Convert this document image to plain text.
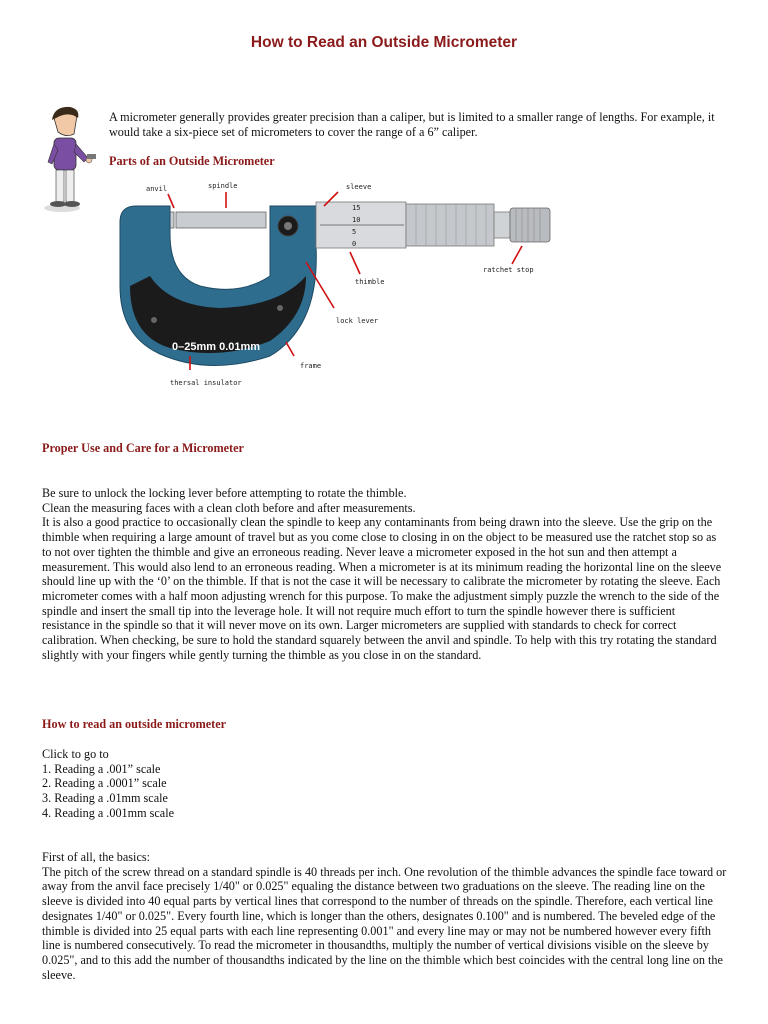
How to Read an Outside Micrometer
A micrometer generally provides greater precision than a caliper, but is limited to a smaller range of lengths. For example, it would take a six-piece set of micrometers to cover the range of a 6” caliper.
Parts of an Outside Micrometer
0–25mm 0.01mm
15
10
5
0
anvil	spindle	sleeve
ratchet stop
thimble
lock lever
frame
thersal insulator
Proper Use and Care for a Micrometer

Be sure to unlock the locking lever before attempting to rotate the thimble.

Clean the measuring faces with a clean cloth before and after measurements.

It is also a good practice to occasionally clean the spindle to keep any contaminants from being drawn into the sleeve. Use the grip on the thimble when requiring a large amount of travel but as you come close to closing in on the object to be measured use the ratchet stop so as to not over tighten the thimble and give an erroneous reading. Never leave a micrometer exposed in the hot sun and then attempt a measurement. This would also lend to an erroneous reading. When a micrometer is at its minimum reading the horizontal line on the sleeve should line up with the ‘0’ on the thimble. If that is not the case it will be necessary to calibrate the micrometer by rotating the sleeve. Each micrometer comes with a half moon adjusting wrench for this purpose. To make the adjustment simply puzzle the wrench to the side of the spindle and insert the small tip into the leverage hole. It will not require much effort to turn the spindle however there is sufficient resistance in the spindle so that it will never move on its own. Larger micrometers are supplied with standards to check for correct calibration. When checking, be sure to hold the standard squarely between the anvil and spindle. To help with this try rotating the standard slightly with your fingers while gently turning the thimble as you close in on the standard.

How to read an outside micrometer

Click to go to

1. Reading a .001” scale
2. Reading a .0001” scale
3. Reading a .01mm scale
4. Reading a .001mm scale

First of all, the basics:

The pitch of the screw thread on a standard spindle is 40 threads per inch. One revolution of the thimble advances the spindle face toward or away from the anvil face precisely 1/40" or 0.025" equaling the distance between two graduations on the sleeve. The reading line on the sleeve is divided into 40 equal parts by vertical lines that correspond to the number of threads on the spindle. Therefore, each vertical line designates 1/40" or 0.025". Every fourth line, which is longer than the others, designates 0.100" and is numbered. The beveled edge of the thimble is divided into 25 equal parts with each line representing 0.001" and every line may or may not be numbered however every fifth line is numbered consecutively. To read the micrometer in thousandths, multiply the number of vertical divisions visible on the sleeve by 0.025", and to this add the number of thousandths indicated by the line on the thimble which best coincides with the central long line on the sleeve.
